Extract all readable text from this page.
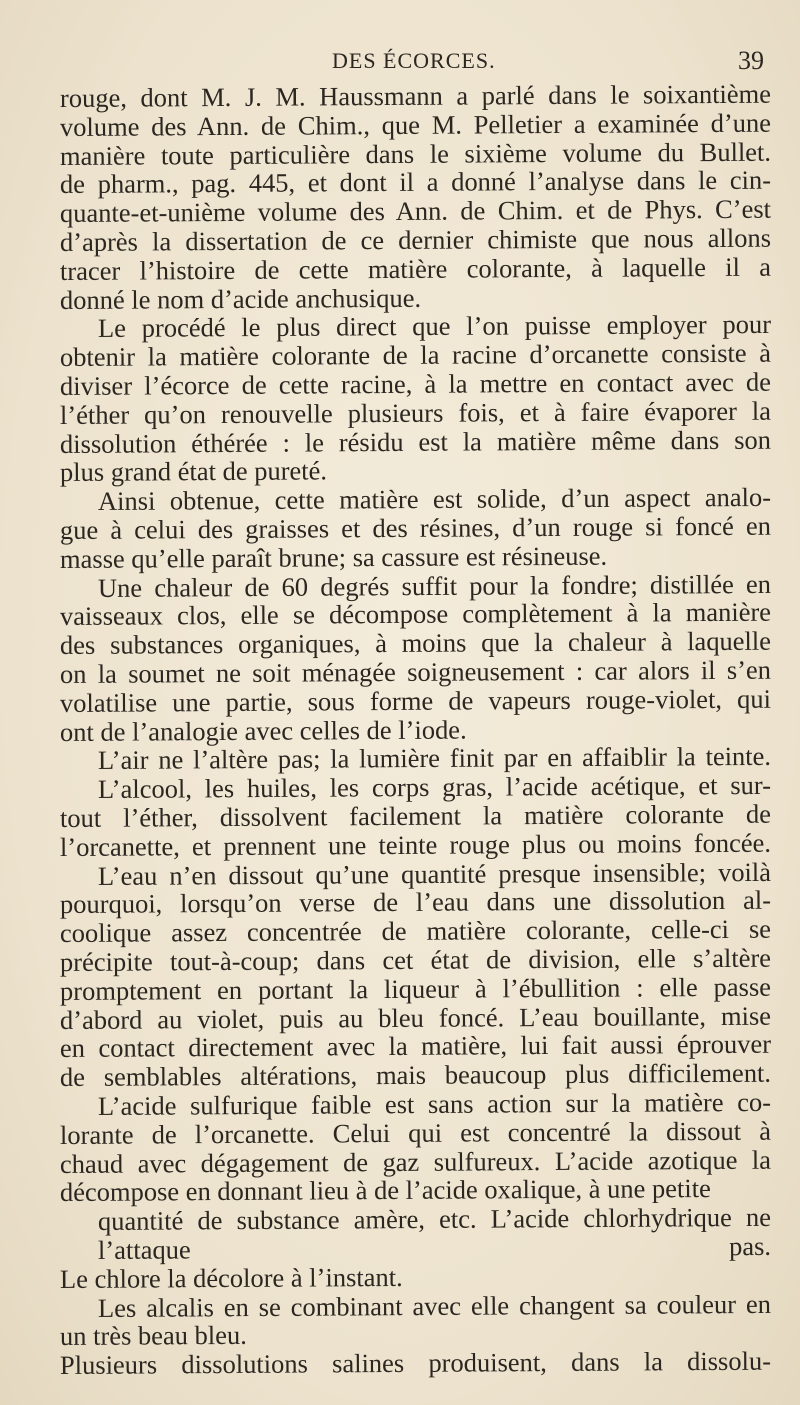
DES ÉCORCES.	39
rouge, dont M. J. M. Haussmann a parlé dans le soixantième
volume des Ann. de Chim., que M. Pelletier a examinée d’une
manière toute particulière dans le sixième volume du Bullet.
de pharm., pag. 445, et dont il a donné l’analyse dans le cin-
quante-et-unième volume des Ann. de Chim. et de Phys. C’est
d’après la dissertation de ce dernier chimiste que nous allons
tracer l’histoire de cette matière colorante, à laquelle il a
donné le nom d’acide anchusique.
Le procédé le plus direct que l’on puisse employer pour
obtenir la matière colorante de la racine d’orcanette consiste à
diviser l’écorce de cette racine, à la mettre en contact avec de
l’éther qu’on renouvelle plusieurs fois, et à faire évaporer la
dissolution éthérée : le résidu est la matière même dans son
plus grand état de pureté.
Ainsi obtenue, cette matière est solide, d’un aspect analo-
gue à celui des graisses et des résines, d’un rouge si foncé en
masse qu’elle paraît brune; sa cassure est résineuse.
Une chaleur de 60 degrés suffit pour la fondre; distillée en
vaisseaux clos, elle se décompose complètement à la manière
des substances organiques, à moins que la chaleur à laquelle
on la soumet ne soit ménagée soigneusement : car alors il s’en
volatilise une partie, sous forme de vapeurs rouge-violet, qui
ont de l’analogie avec celles de l’iode.
L’air ne l’altère pas; la lumière finit par en affaiblir la teinte.
L’alcool, les huiles, les corps gras, l’acide acétique, et sur-
tout l’éther, dissolvent facilement la matière colorante de
l’orcanette, et prennent une teinte rouge plus ou moins foncée.
L’eau n’en dissout qu’une quantité presque insensible; voilà
pourquoi, lorsqu’on verse de l’eau dans une dissolution al-
coolique assez concentrée de matière colorante, celle-ci se
précipite tout-à-coup; dans cet état de division, elle s’altère
promptement en portant la liqueur à l’ébullition : elle passe
d’abord au violet, puis au bleu foncé. L’eau bouillante, mise
en contact directement avec la matière, lui fait aussi éprouver
de semblables altérations, mais beaucoup plus difficilement.
L’acide sulfurique faible est sans action sur la matière co-
lorante de l’orcanette. Celui qui est concentré la dissout à
chaud avec dégagement de gaz sulfureux. L’acide azotique la
décompose en donnant lieu à de l’acide oxalique, à une petite
quantité de substance amère, etc. L’acide chlorhydrique ne
l’attaque pas.
Le chlore la décolore à l’instant.
Les alcalis en se combinant avec elle changent sa couleur en
un très beau bleu.
Plusieurs dissolutions salines produisent, dans la dissolu-
